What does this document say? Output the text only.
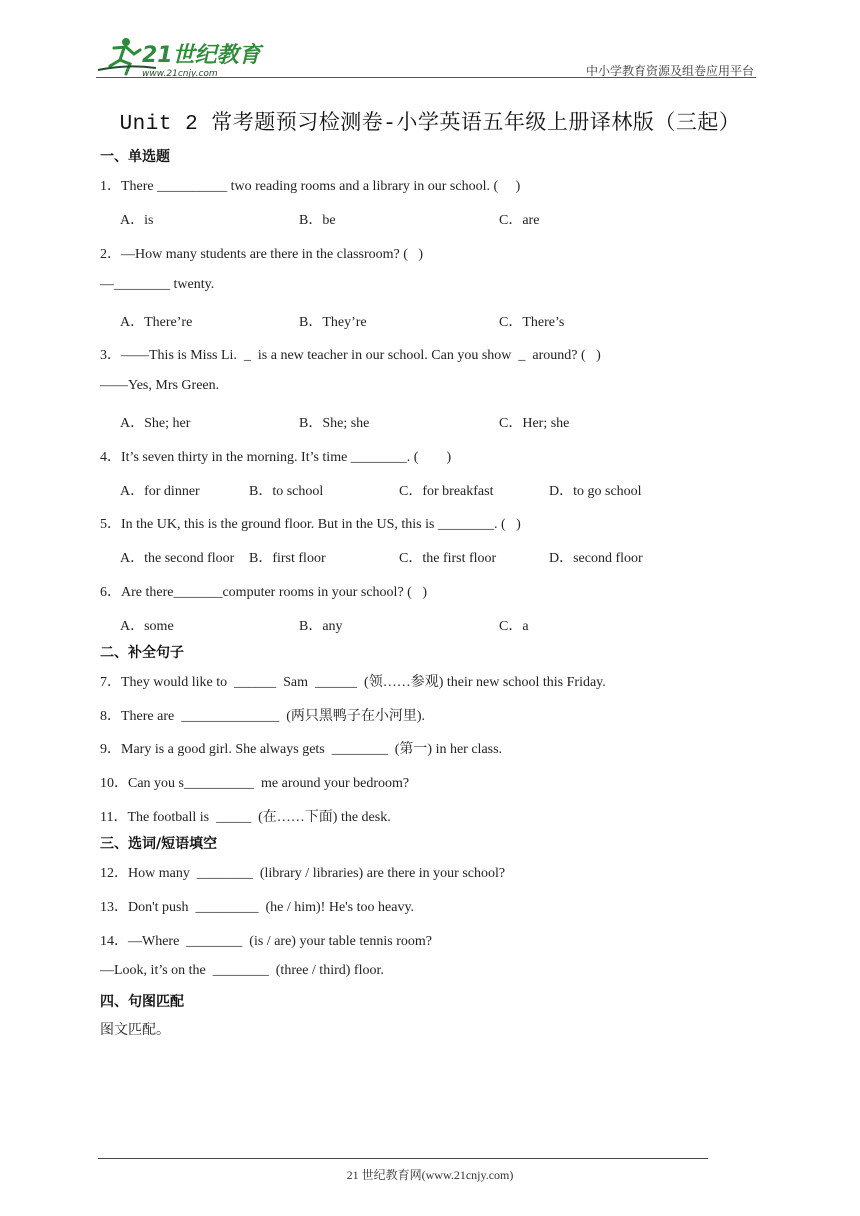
21世纪教育
www.21cnjy.com	中小学教育资源及组卷应用平台
Unit 2 常考题预习检测卷-小学英语五年级上册译林版（三起）
一、单选题
1．There __________ two reading rooms and a library in our school. (     )
A．is	B．be	C．are
2．—How many students are there in the classroom? (   )
—________ twenty.
A．There’re	B．They’re	C．There’s
3．——This is Miss Li.  _  is a new teacher in our school. Can you show  _  around? (   )
——Yes, Mrs Green.
A．She; her	B．She; she	C．Her; she
4．It’s seven thirty in the morning. It’s time ________. (        )
A．for dinner	B．to school	C．for breakfast	D．to go school
5．In the UK, this is the ground floor. But in the US, this is ________. (   )
A．the second floor B．first floor	C．the first floor	D．second floor
6．Are there_______computer rooms in your school? (   )
A．some	B．any	C．a
二、补全句子
7．They would like to  ______  Sam  ______  (领……参观) their new school this Friday.
8．There are  ______________  (两只黑鸭子在小河里).
9．Mary is a good girl. She always gets  ________  (第一) in her class.
10．Can you s__________  me around your bedroom?
11．The football is  _____  (在……下面) the desk.
三、选词/短语填空
12．How many  ________  (library / libraries) are there in your school?
13．Don't push  _________  (he / him)! He's too heavy.
14．—Where  ________  (is / are) your table tennis room?
—Look, it’s on the  ________  (three / third) floor.
四、句图匹配
图文匹配。
21 世纪教育网(www.21cnjy.com)
